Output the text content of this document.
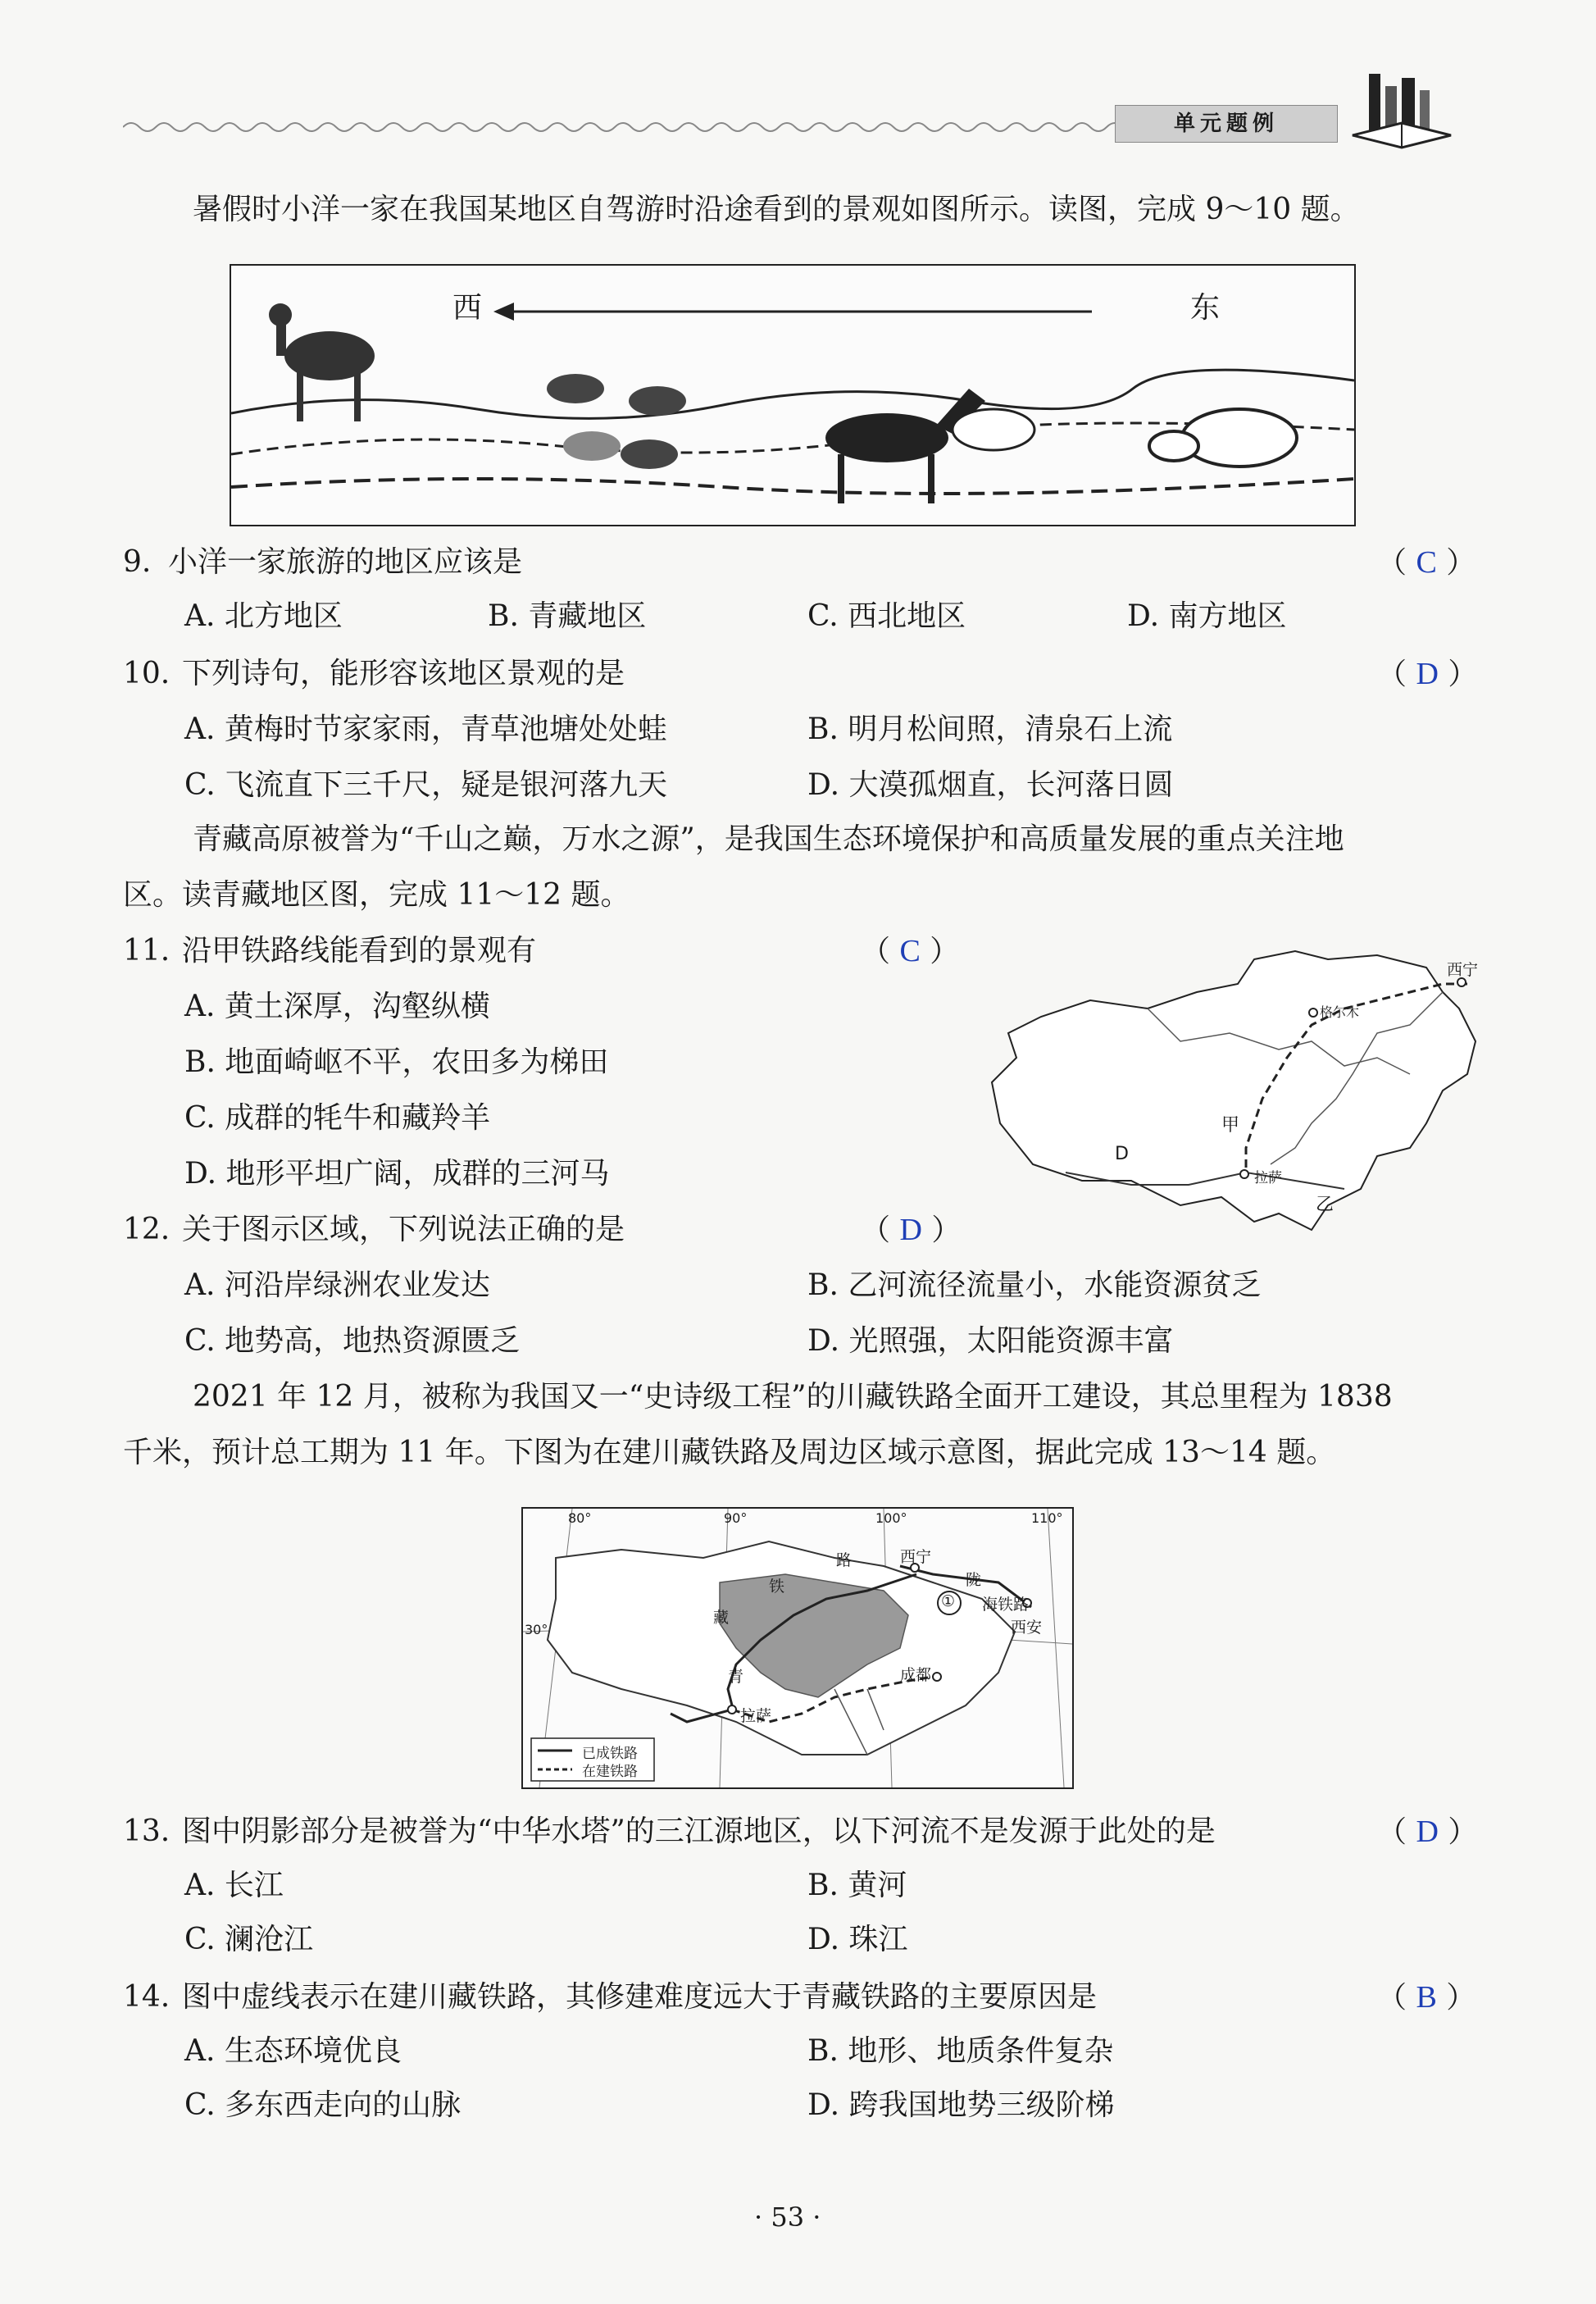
单元题例
暑假时小洋一家在我国某地区自驾游时沿途看到的景观如图所示。读图，完成 9～10 题。
西	东
9. 小洋一家旅游的地区应该是	（ C ）
A. 北方地区	B. 青藏地区	C. 西北地区	D. 南方地区
10. 下列诗句，能形容该地区景观的是	（ D ）
A. 黄梅时节家家雨，青草池塘处处蛙	B. 明月松间照，清泉石上流
C. 飞流直下三千尺，疑是银河落九天	D. 大漠孤烟直，长河落日圆
青藏高原被誉为“千山之巅，万水之源”，是我国生态环境保护和高质量发展的重点关注地
区。读青藏地区图，完成 11～12 题。
11. 沿甲铁路线能看到的景观有	（ C ）
A. 黄土深厚，沟壑纵横
B. 地面崎岖不平，农田多为梯田
C. 成群的牦牛和藏羚羊
D. 地形平坦广阔，成群的三河马
西宁
格尔木
甲
D
拉萨
乙
12. 关于图示区域，下列说法正确的是	（ D ）
A. 河沿岸绿洲农业发达	B. 乙河流径流量小，水能资源贫乏
C. 地势高，地热资源匮乏	D. 光照强，太阳能资源丰富
2021 年 12 月，被称为我国又一“史诗级工程”的川藏铁路全面开工建设，其总里程为 1838
千米，预计总工期为 11 年。下图为在建川藏铁路及周边区域示意图，据此完成 13～14 题。
80°	90°	100°	110°
30°
铁
路
藏
青
西宁
陇
① 海铁路
西安
成都
拉萨
已成铁路
在建铁路
13. 图中阴影部分是被誉为“中华水塔”的三江源地区，以下河流不是发源于此处的是	（ D ）
A. 长江	B. 黄河
C. 澜沧江	D. 珠江
14. 图中虚线表示在建川藏铁路，其修建难度远大于青藏铁路的主要原因是	（ B ）
A. 生态环境优良	B. 地形、地质条件复杂
C. 多东西走向的山脉	D. 跨我国地势三级阶梯
· 53 ·
